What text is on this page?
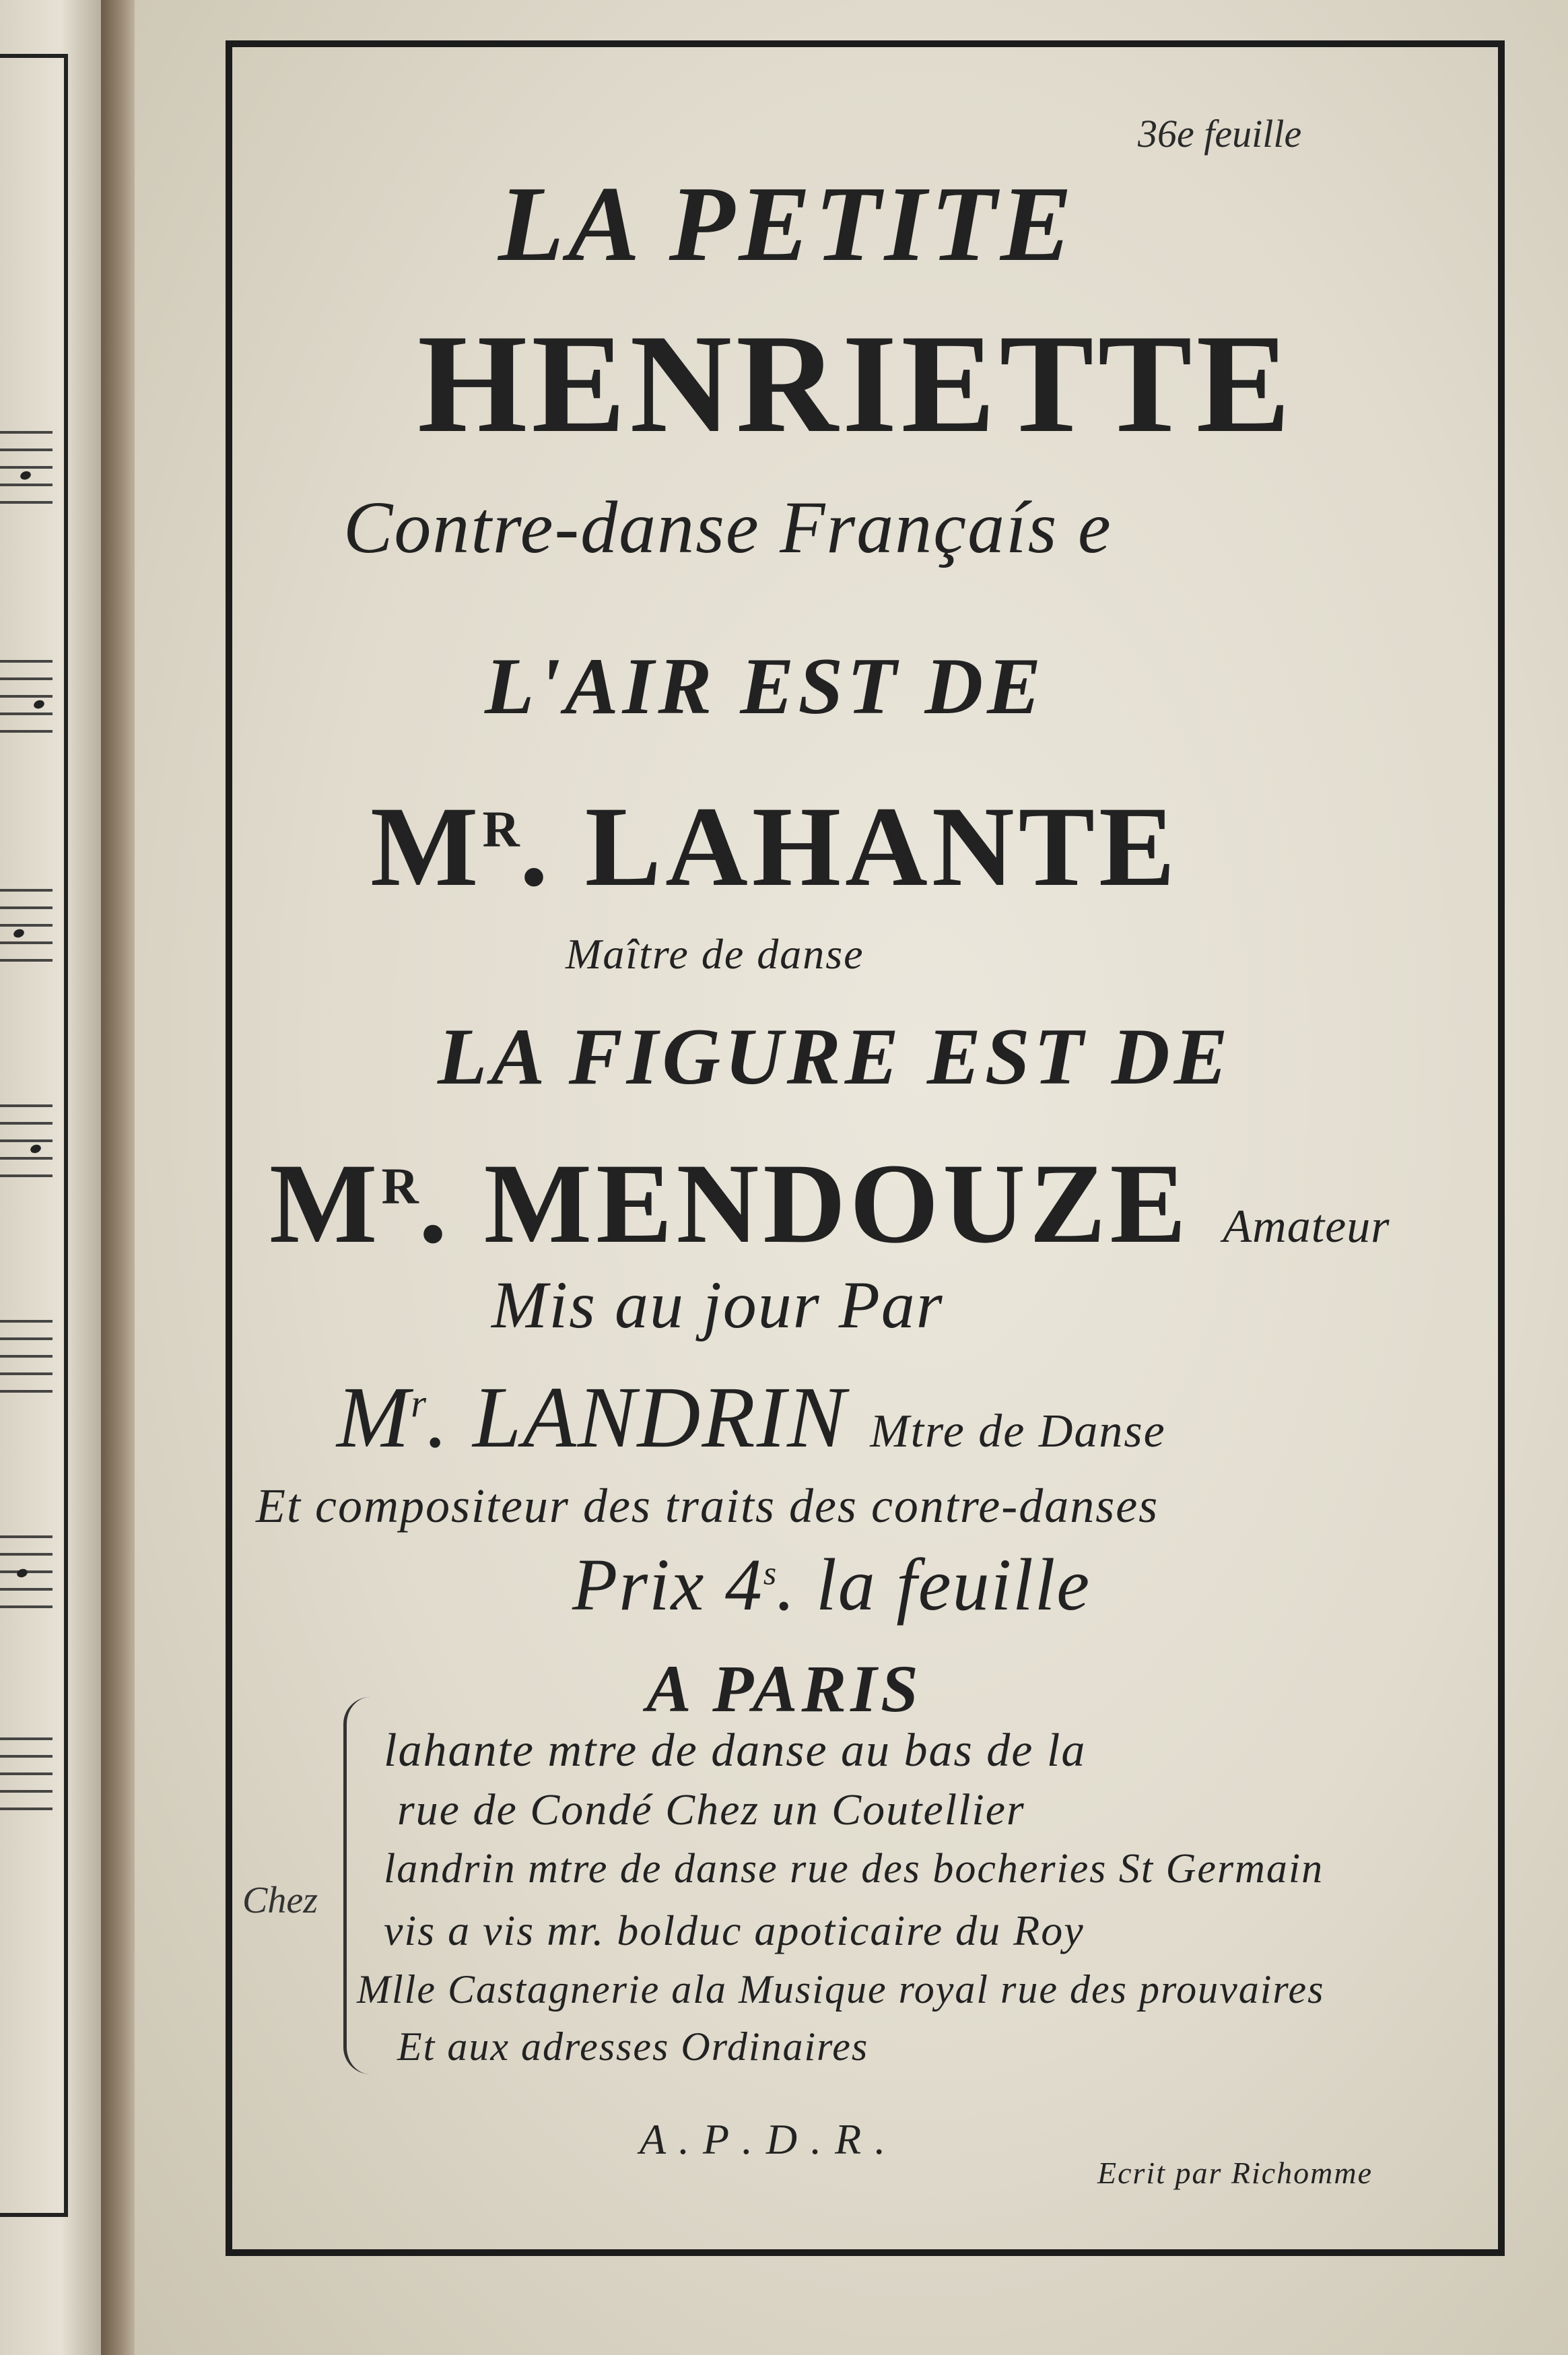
36e feuille
LA PETITE
HENRIETTE
Contre-danse Françaís e
L'AIR EST DE
$M^R$. LAHANTE
Maître de danse
LA FIGURE EST DE
$M^R$. MENDOUZE Amateur
Mis au jour Par
$M^r$. LANDRIN Mtre de Danse
Et compositeur des traits des contre-danses
Prix 4$^s$. la feuille
A PARIS
Chez
lahante mtre de danse au bas de la
rue de Condé Chez un Coutellier
landrin mtre de danse rue des bocheries St Germain
vis a vis mr. bolduc apoticaire du Roy
Mlle Castagnerie ala Musique royal rue des prouvaires
Et aux adresses Ordinaires
A . P . D . R .
Ecrit par Richomme
